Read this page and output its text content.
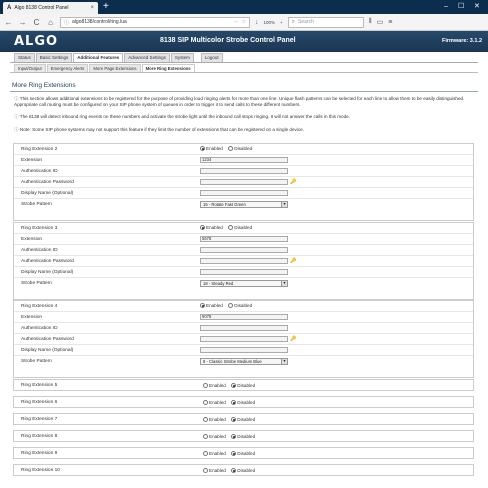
A Algo 8138 Control Panel	× +	– ☐ ✕
← → C ⌂	ⓘ algo8138/control/ring.lua	··· ☆ ↓ 100% + ⌕ Search	⫴ ▭ ≡
ALGO	8138 SIP Multicolor Strobe Control Panel	Firmware: 3.1.2
Status	Basic Settings	Additional Features	Advanced Settings	System	Logout
Input/Output	Emergency Alerts	More Page Extensions	More Ring Extensions
More Ring Extensions
ⓘ This section allows additional extensions to be registered for the purpose of providing loud ringing alerts for more than one line. Unique flash patterns can be selected for each line to allow them to be easily distinguished. Appropriate call routing must be configured on your SIP phone system of queues in order to trigger it to send calls to these different numbers.
ⓘ The 8138 will detect inbound ring events on these numbers and activate the strobe light until the inbound call stops ringing. It will not answer the calls in this mode.
ⓘ Note: Some SIP phone systems may not support this feature if they limit the number of extensions that can be registered on a single device.
Ring Extension 2	Enabled
Disabled
Extension	1234
Authentication ID
Authentication Password	🔑
Display Name (Optional)
Strobe Pattern	15 - Rotate Fast Green	▼
Ring Extension 3	Enabled
Disabled
Extension	5678
Authentication ID
Authentication Password	🔑
Display Name (Optional)
Strobe Pattern	18 - Steady Red	▼
Ring Extension 4	Enabled
Disabled
Extension	9078
Authentication ID
Authentication Password	🔑
Display Name (Optional)
Strobe Pattern	8 - Classic Strobe Medium Blue	▼
Ring Extension 5	Enabled
Disabled
Ring Extension 6	Enabled
Disabled
Ring Extension 7	Enabled
Disabled
Ring Extension 8	Enabled
Disabled
Ring Extension 9	Enabled
Disabled
Ring Extension 10	Enabled
Disabled
